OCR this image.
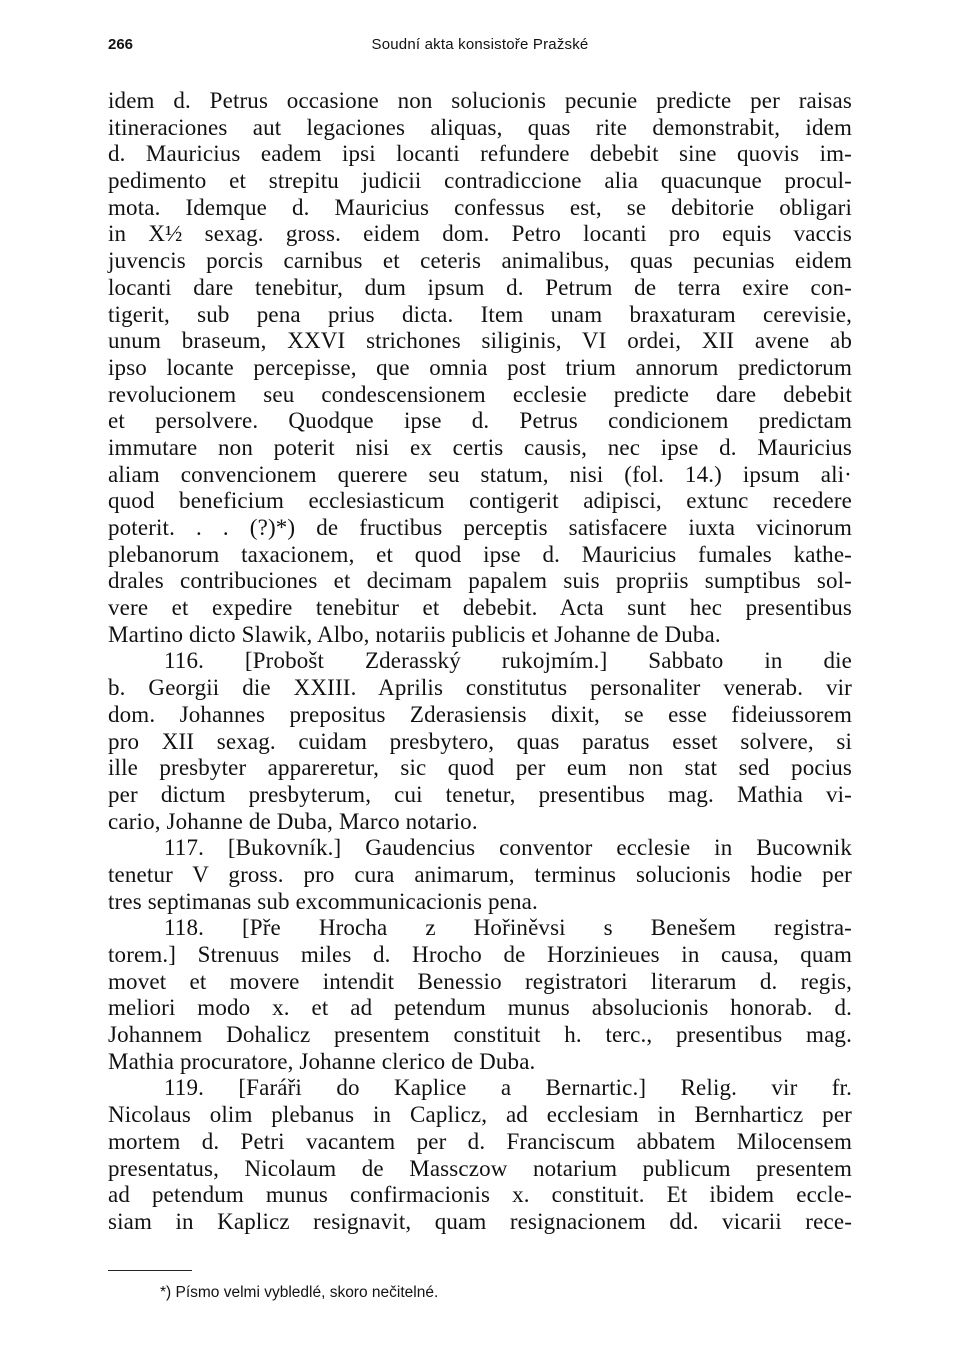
266	Soudní akta konsistoře Pražské
idem d. Petrus occasione non solucionis pecunie predicte per raisas
itineraciones aut legaciones aliquas, quas rite demonstrabit, idem
d. Mauricius eadem ipsi locanti refundere debebit sine quovis im-
pedimento et strepitu judicii contradiccione alia quacunque procul-
mota. Idemque d. Mauricius confessus est, se debitorie obligari
in X½ sexag. gross. eidem dom. Petro locanti pro equis vaccis
juvencis porcis carnibus et ceteris animalibus, quas pecunias eidem
locanti dare tenebitur, dum ipsum d. Petrum de terra exire con-
tigerit, sub pena prius dicta. Item unam braxaturam cerevisie,
unum braseum, XXVI strichones siliginis, VI ordei, XII avene ab
ipso locante percepisse, que omnia post trium annorum predictorum
revolucionem seu condescensionem ecclesie predicte dare debebit
et persolvere. Quodque ipse d. Petrus condicionem predictam
immutare non poterit nisi ex certis causis, nec ipse d. Mauricius
aliam convencionem querere seu statum, nisi (fol. 14.) ipsum ali·
quod beneficium ecclesiasticum contigerit adipisci, extunc recedere
poterit. . . (?)*) de fructibus perceptis satisfacere iuxta vicinorum
plebanorum taxacionem, et quod ipse d. Mauricius fumales kathe-
drales contribuciones et decimam papalem suis propriis sumptibus sol-
vere et expedire tenebitur et debebit. Acta sunt hec presentibus
Martino dicto Slawik, Albo, notariis publicis et Johanne de Duba.
116. [Probošt Zderasský rukojmím.] Sabbato in die
b. Georgii die XXIII. Aprilis constitutus personaliter venerab. vir
dom. Johannes prepositus Zderasiensis dixit, se esse fideiussorem
pro XII sexag. cuidam presbytero, quas paratus esset solvere, si
ille presbyter appareretur, sic quod per eum non stat sed pocius
per dictum presbyterum, cui tenetur, presentibus mag. Mathia vi-
cario, Johanne de Duba, Marco notario.
117. [Bukovník.] Gaudencius conventor ecclesie in Bucownik
tenetur V gross. pro cura animarum, terminus solucionis hodie per
tres septimanas sub excommunicacionis pena.
118. [Pře Hrocha z Hořiněvsi s Benešem registra-
torem.] Strenuus miles d. Hrocho de Horzinieues in causa, quam
movet et movere intendit Benessio registratori literarum d. regis,
meliori modo x. et ad petendum munus absolucionis honorab. d.
Johannem Dohalicz presentem constituit h. terc., presentibus mag.
Mathia procuratore, Johanne clerico de Duba.
119. [Faráři do Kaplice a Bernartic.] Relig. vir fr.
Nicolaus olim plebanus in Caplicz, ad ecclesiam in Bernharticz per
mortem d. Petri vacantem per d. Franciscum abbatem Milocensem
presentatus, Nicolaum de Massczow notarium publicum presentem
ad petendum munus confirmacionis x. constituit. Et ibidem eccle-
siam in Kaplicz resignavit, quam resignacionem dd. vicarii rece-
*) Písmo velmi vybledlé, skoro nečitelné.
